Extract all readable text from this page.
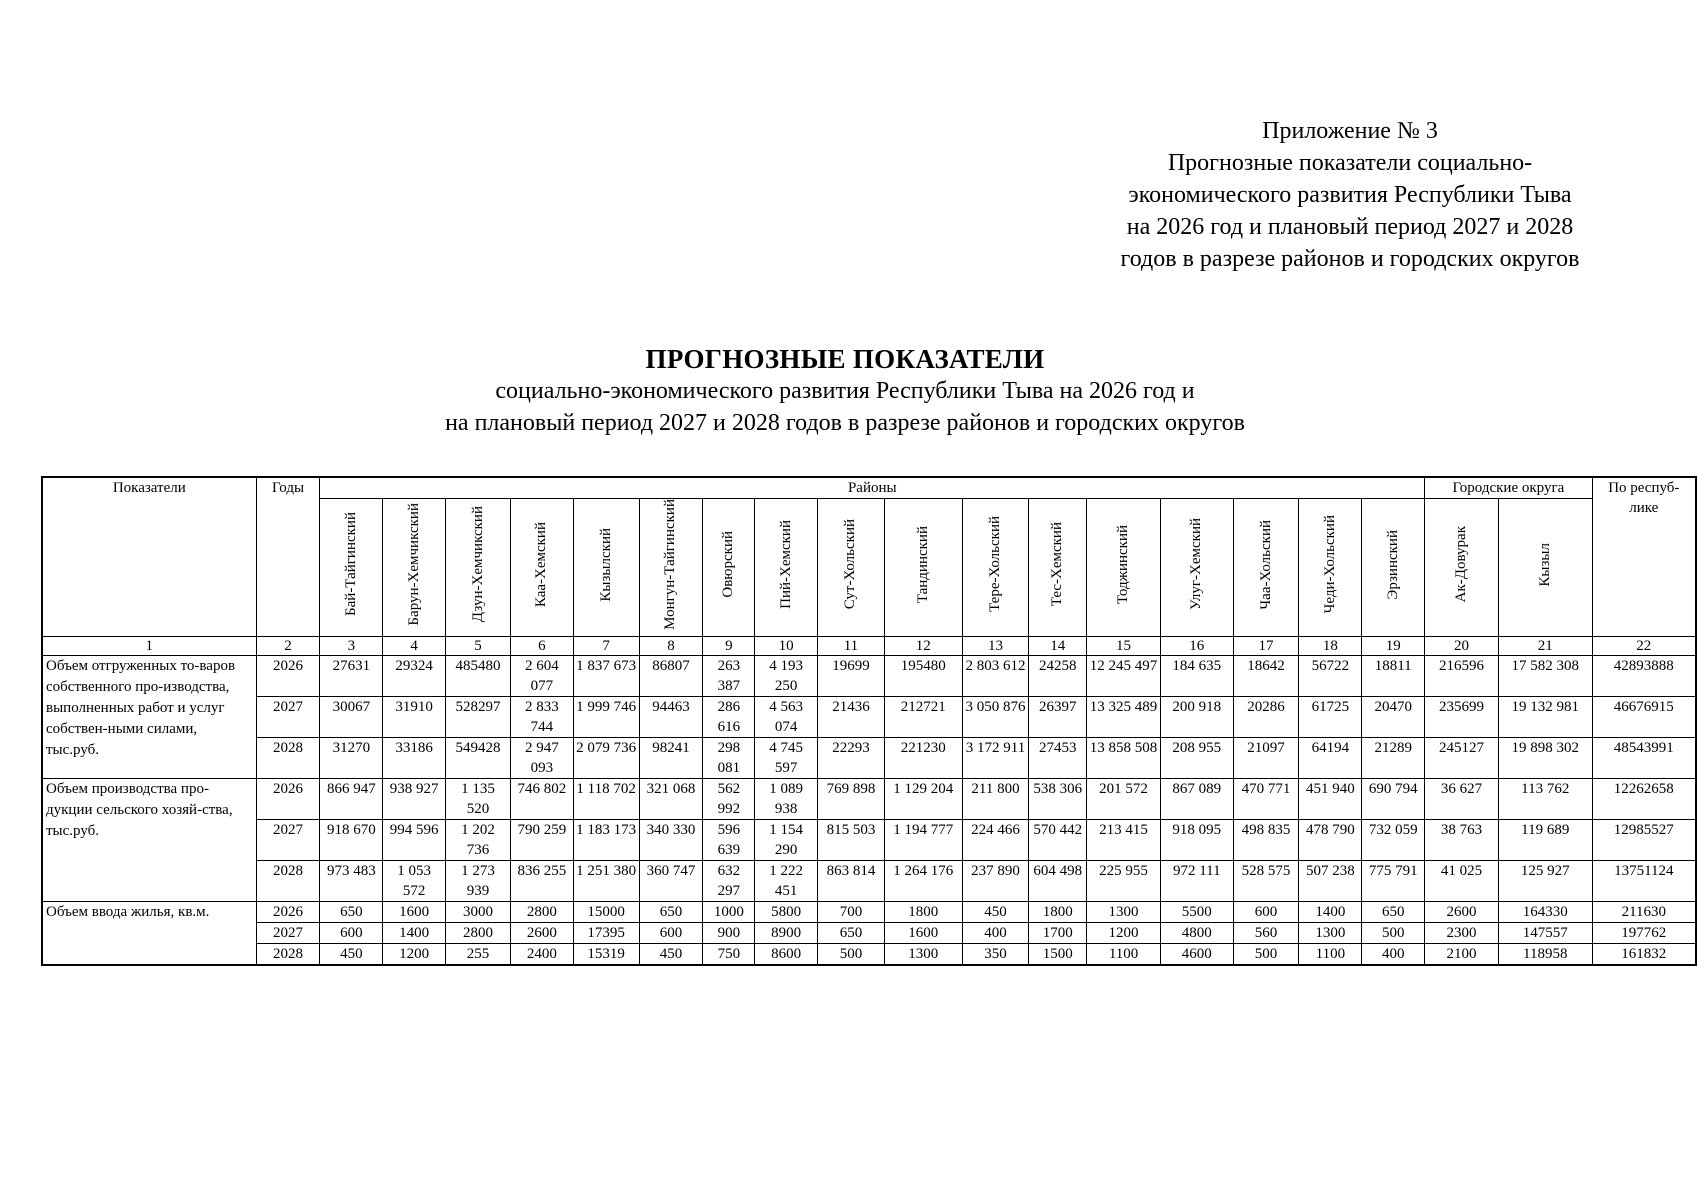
Приложение № 3
Прогнозные показатели социально-
экономического развития Республики Тыва
на 2026 год и плановый период 2027 и 2028
годов в разрезе районов и городских округов
ПРОГНОЗНЫЕ ПОКАЗАТЕЛИ
социально-экономического развития Республики Тыва на 2026 год и
на плановый период 2027 и 2028 годов в разрезе районов и городских округов
Показатели	Годы	Районы																	Городские округа		По респуб-лике
		Бай-Тайгинский	Барун-Хемчикский	Дзун-Хемчикский	Каа-Хемский	Кызылский	Монгун-Тайгинский	Овюрский	Пий-Хемский	Сут-Хольский	Тандинский	Тере-Хольский	Тес-Хемский	Тоджинский	Улуг-Хемский	Чаа-Хольский	Чеди-Хольский	Эрзинский	Ак-Довурак	Кызыл	
1	2	3	4	5	6	7	8	9	10	11	12	13	14	15	16	17	18	19	20	21	22
Объем отгруженных то-варов собственного про-изводства, выполненных работ и услуг собствен-ными силами, тыс.руб.	2026	27631	29324	485480	2 604 077	1 837 673	86807	263 387	4 193 250	19699	195480	2 803 612	24258	12 245 497	184 635	18642	56722	18811	216596	17 582 308	42893888
	2027	30067	31910	528297	2 833 744	1 999 746	94463	286 616	4 563 074	21436	212721	3 050 876	26397	13 325 489	200 918	20286	61725	20470	235699	19 132 981	46676915
	2028	31270	33186	549428	2 947 093	2 079 736	98241	298 081	4 745 597	22293	221230	3 172 911	27453	13 858 508	208 955	21097	64194	21289	245127	19 898 302	48543991
Объем производства про-дукции сельского хозяй-ства, тыс.руб.	2026	866 947	938 927	1 135 520	746 802	1 118 702	321 068	562 992	1 089 938	769 898	1 129 204	211 800	538 306	201 572	867 089	470 771	451 940	690 794	36 627	113 762	12262658
	2027	918 670	994 596	1 202 736	790 259	1 183 173	340 330	596 639	1 154 290	815 503	1 194 777	224 466	570 442	213 415	918 095	498 835	478 790	732 059	38 763	119 689	12985527
	2028	973 483	1 053 572	1 273 939	836 255	1 251 380	360 747	632 297	1 222 451	863 814	1 264 176	237 890	604 498	225 955	972 111	528 575	507 238	775 791	41 025	125 927	13751124
Объем ввода жилья, кв.м.	2026	650	1600	3000	2800	15000	650	1000	5800	700	1800	450	1800	1300	5500	600	1400	650	2600	164330	211630
	2027	600	1400	2800	2600	17395	600	900	8900	650	1600	400	1700	1200	4800	560	1300	500	2300	147557	197762
	2028	450	1200	255	2400	15319	450	750	8600	500	1300	350	1500	1100	4600	500	1100	400	2100	118958	161832
